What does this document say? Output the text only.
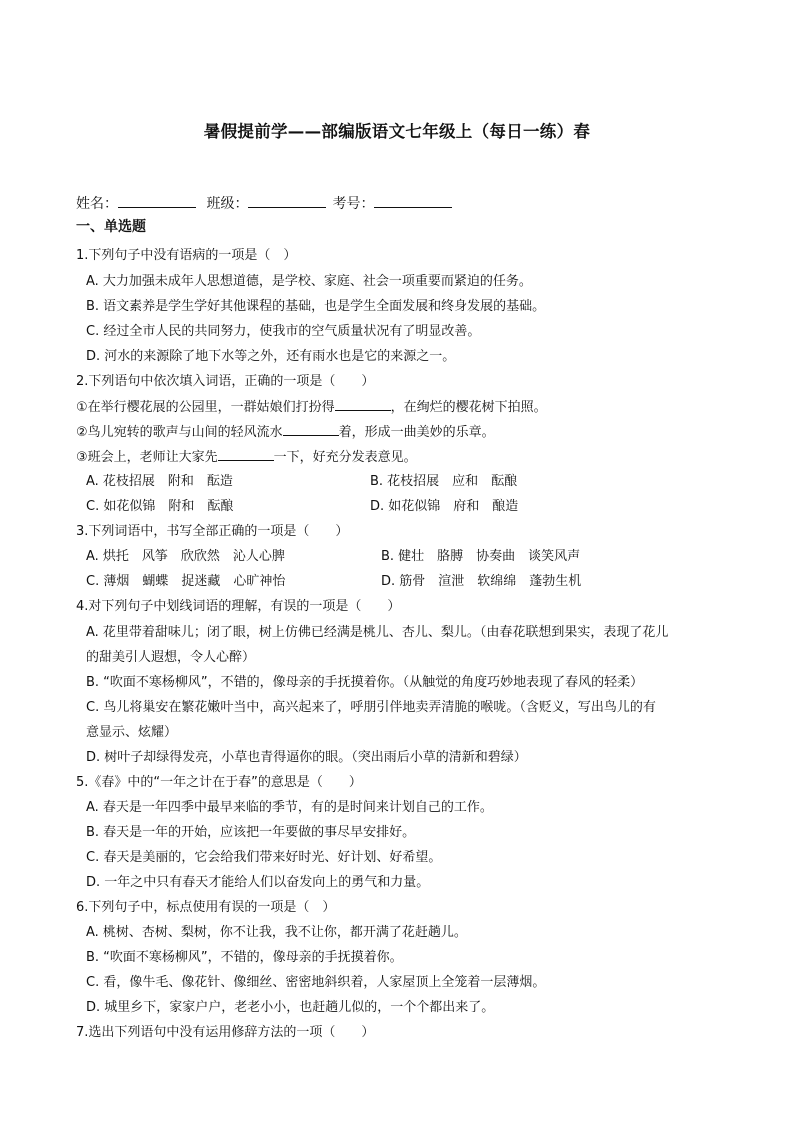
暑假提前学——部编版语文七年级上（每日一练）春
姓名：	班级：	考号：
一、单选题
1.下列句子中没有语病的一项是（　）
A. 大力加强未成年人思想道德，是学校、家庭、社会一项重要而紧迫的任务。
B. 语文素养是学生学好其他课程的基础，也是学生全面发展和终身发展的基础。
C. 经过全市人民的共同努力，使我市的空气质量状况有了明显改善。
D. 河水的来源除了地下水等之外，还有雨水也是它的来源之一。
2.下列语句中依次填入词语，正确的一项是（　　）
①在举行樱花展的公园里，一群姑娘们打扮得	，在绚烂的樱花树下拍照。
②鸟儿宛转的歌声与山间的轻风流水	着，形成一曲美妙的乐章。
③班会上，老师让大家先	一下，好充分发表意见。
A. 花枝招展　附和　酝造	B. 花枝招展　应和　酝酿
C. 如花似锦　附和　酝酿	D. 如花似锦　府和　酿造
3.下列词语中，书写全部正确的一项是（　　）
A. 烘托　风筝　欣欣然　沁人心脾	B. 健壮　胳膊　协奏曲　谈笑风声
C. 薄烟　蝴蝶　捉迷藏　心旷神怡	D. 筋骨　渲泄　软绵绵　蓬勃生机
4.对下列句子中划线词语的理解，有误的一项是（　　）
A. 花里带着甜味儿；闭了眼，树上仿佛已经满是桃儿、杏儿、梨儿。（由春花联想到果实，表现了花儿
的甜美引人遐想，令人心醉）
B. “吹面不寒杨柳风”，不错的，像母亲的手抚摸着你。（从触觉的角度巧妙地表现了春风的轻柔）
C. 鸟儿将巢安在繁花嫩叶当中，高兴起来了，呼朋引伴地卖弄清脆的喉咙。（含贬义，写出鸟儿的有
意显示、炫耀）
D. 树叶子却绿得发亮，小草也青得逼你的眼。（突出雨后小草的清新和碧绿）
5.《春》中的“一年之计在于春”的意思是（　　）
A. 春天是一年四季中最早来临的季节，有的是时间来计划自己的工作。
B. 春天是一年的开始，应该把一年要做的事尽早安排好。
C. 春天是美丽的，它会给我们带来好时光、好计划、好希望。
D. 一年之中只有春天才能给人们以奋发向上的勇气和力量。
6.下列句子中，标点使用有误的一项是（　）
A. 桃树、杏树、梨树，你不让我，我不让你，都开满了花赶趟儿。
B. “吹面不寒杨柳风”，不错的，像母亲的手抚摸着你。
C. 看，像牛毛、像花针、像细丝、密密地斜织着，人家屋顶上全笼着一层薄烟。
D. 城里乡下，家家户户，老老小小，也赶趟儿似的，一个个都出来了。
7.选出下列语句中没有运用修辞方法的一项（　　）
